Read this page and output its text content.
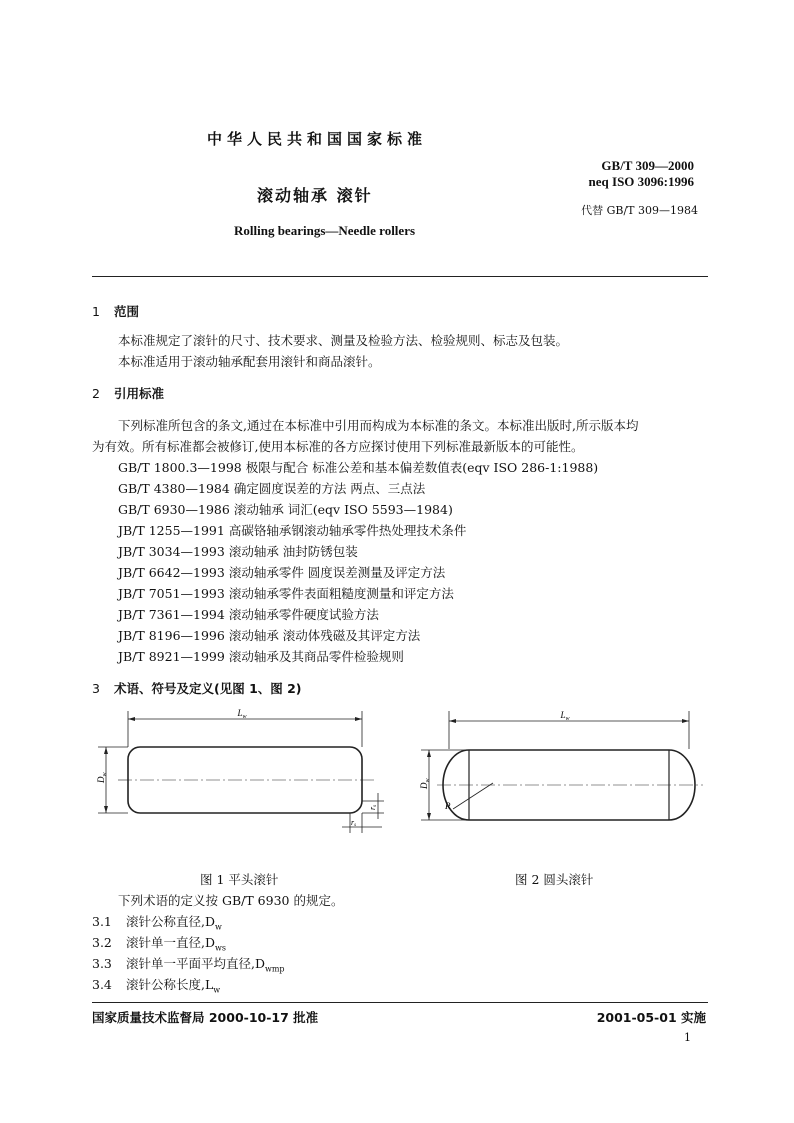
中华人民共和国国家标准
GB/T 309—2000
neq ISO 3096:1996
滚动轴承 滚针
代替 GB/T 309—1984
Rolling bearings—Needle rollers
1 范围
本标准规定了滚针的尺寸、技术要求、测量及检验方法、检验规则、标志及包装。
本标准适用于滚动轴承配套用滚针和商品滚针。
2 引用标准
下列标准所包含的条文,通过在本标准中引用而构成为本标准的条文。本标准出版时,所示版本均
为有效。所有标准都会被修订,使用本标准的各方应探讨使用下列标准最新版本的可能性。
GB/T 1800.3—1998 极限与配合 标准公差和基本偏差数值表(eqv ISO 286-1:1988)
GB/T 4380—1984 确定圆度误差的方法 两点、三点法
GB/T 6930—1986 滚动轴承 词汇(eqv ISO 5593—1984)
JB/T 1255—1991 高碳铬轴承钢滚动轴承零件热处理技术条件
JB/T 3034—1993 滚动轴承 油封防锈包装
JB/T 6642—1993 滚动轴承零件 圆度误差测量及评定方法
JB/T 7051—1993 滚动轴承零件表面粗糙度测量和评定方法
JB/T 7361—1994 滚动轴承零件硬度试验方法
JB/T 8196—1996 滚动轴承 滚动体残磁及其评定方法
JB/T 8921—1999 滚动轴承及其商品零件检验规则
3 术语、符号及定义(见图 1、图 2)
$L_w$
$D_w$
rs
rs
$L_w$
$D_w$
R
图 1 平头滚针	图 2 圆头滚针
下列术语的定义按 GB/T 6930 的规定。
3.1 滚针公称直径$,D_w$
3.2 滚针单一直径$,D_{ws}$
3.3 滚针单一平面平均直径$,D_{wmp}$
3.4 滚针公称长度$,L_w$
国家质量技术监督局 2000-10-17 批准	2001-05-01 实施
1
